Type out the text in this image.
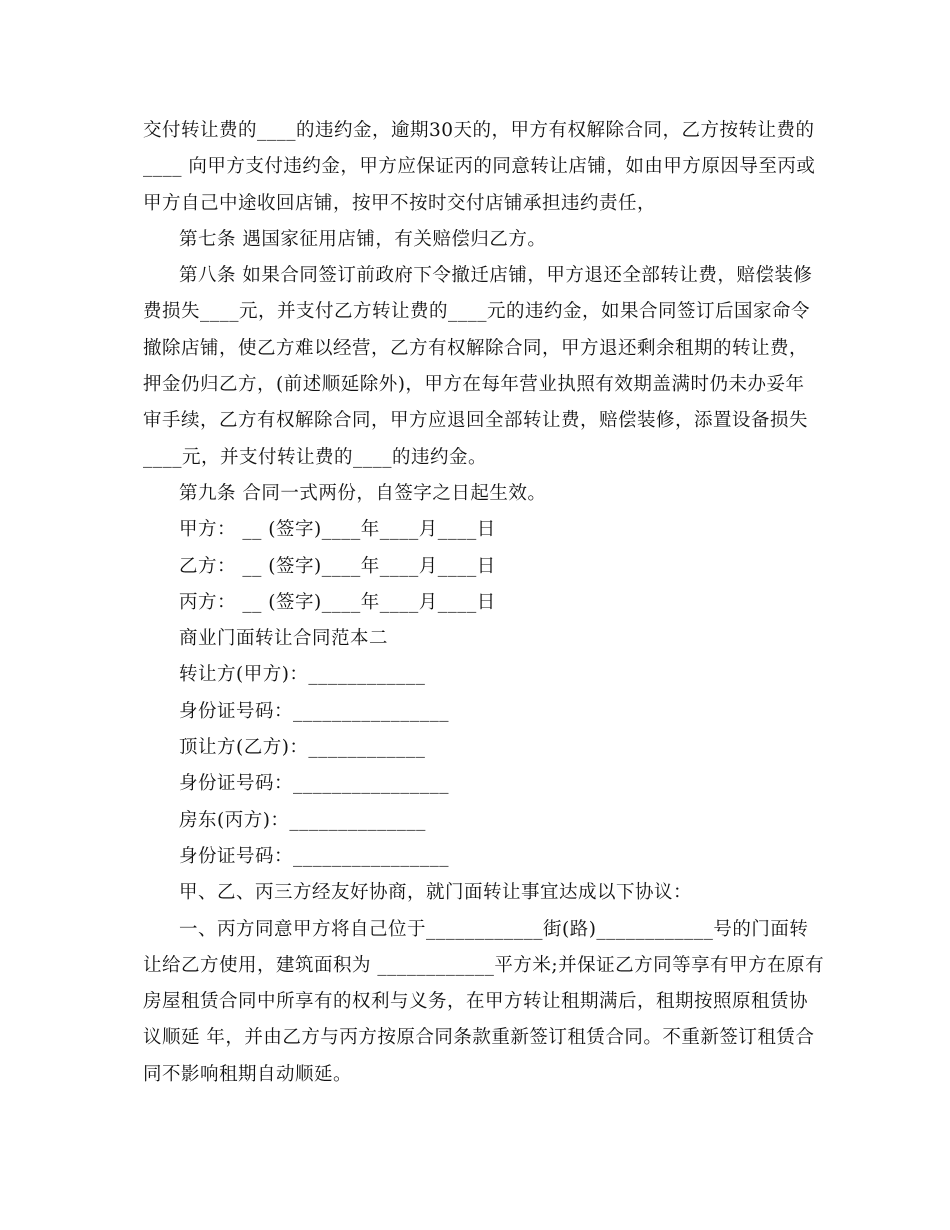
交付转让费的____的违约金，逾期30天的，甲方有权解除合同，乙方按转让费的
____ 向甲方支付违约金，甲方应保证丙的同意转让店铺，如由甲方原因导至丙或
甲方自己中途收回店铺，按甲不按时交付店铺承担违约责任，
第七条 遇国家征用店铺，有关赔偿归乙方。
第八条 如果合同签订前政府下令撤迁店铺，甲方退还全部转让费，赔偿装修
费损失____元，并支付乙方转让费的____元的违约金，如果合同签订后国家命令
撤除店铺，使乙方难以经营，乙方有权解除合同，甲方退还剩余租期的转让费，
押金仍归乙方，(前述顺延除外)，甲方在每年营业执照有效期盖满时仍未办妥年
审手续，乙方有权解除合同，甲方应退回全部转让费，赔偿装修，添置设备损失
____元，并支付转让费的____的违约金。
第九条 合同一式两份，自签字之日起生效。
甲方： __ (签字)____年____月____日
乙方： __ (签字)____年____月____日
丙方： __ (签字)____年____月____日
商业门面转让合同范本二
转让方(甲方)：____________
身份证号码：________________
顶让方(乙方)：____________
身份证号码：________________
房东(丙方)：______________
身份证号码：________________
甲、乙、丙三方经友好协商，就门面转让事宜达成以下协议：
一、丙方同意甲方将自己位于____________街(路)____________号的门面转
让给乙方使用，建筑面积为 ____________平方米;并保证乙方同等享有甲方在原有
房屋租赁合同中所享有的权利与义务，在甲方转让租期满后，租期按照原租赁协
议顺延 年，并由乙方与丙方按原合同条款重新签订租赁合同。不重新签订租赁合
同不影响租期自动顺延。
